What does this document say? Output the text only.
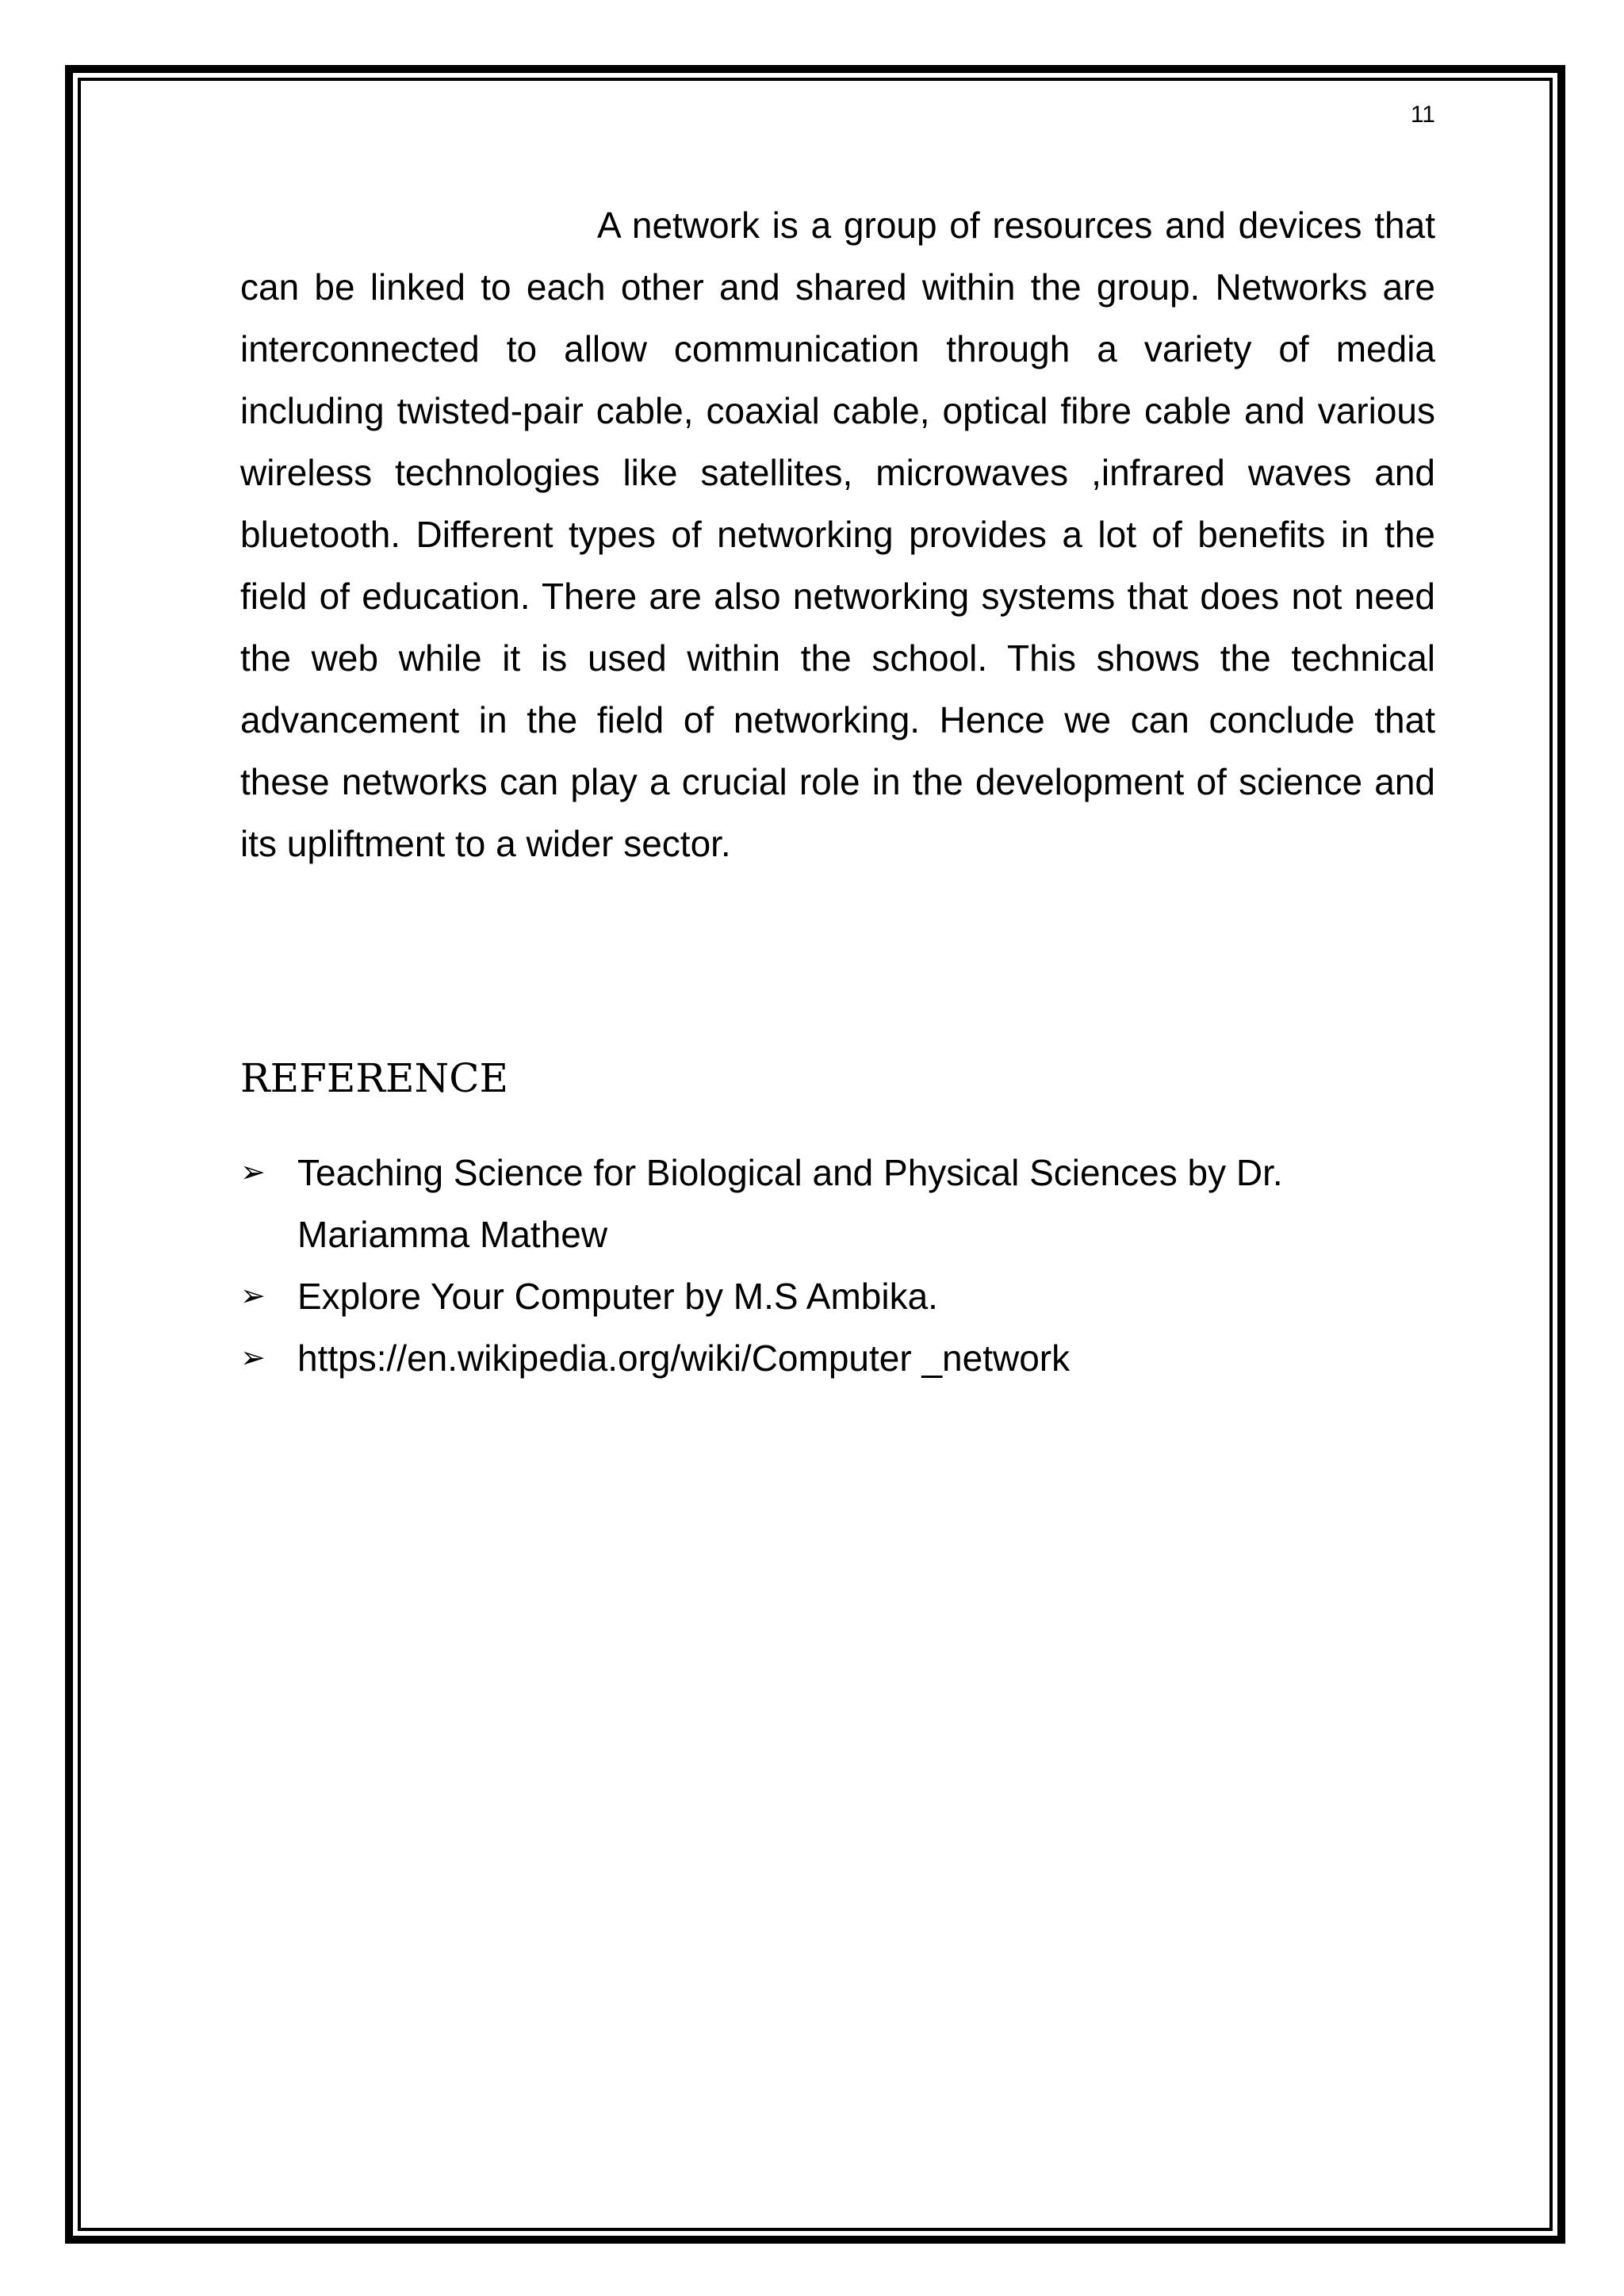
11

A network is a group of resources and devices that can be linked to each other and shared within the group. Networks are interconnected to allow communication through a variety of media including twisted-pair cable, coaxial cable, optical fibre cable and various wireless technologies like satellites, microwaves ,infrared waves and bluetooth. Different types of networking provides a lot of benefits in the field of education. There are also networking systems that does not need the web while it is used within the school. This shows the technical advancement in the field of networking. Hence we can conclude that these networks can play a crucial role in the development of science and its upliftment to a wider sector.

REFERENCE
➢ Teaching Science for Biological and Physical Sciences by Dr. Mariamma Mathew
➢ Explore Your Computer by M.S Ambika.
➢ https://en.wikipedia.org/wiki/Computer _network
